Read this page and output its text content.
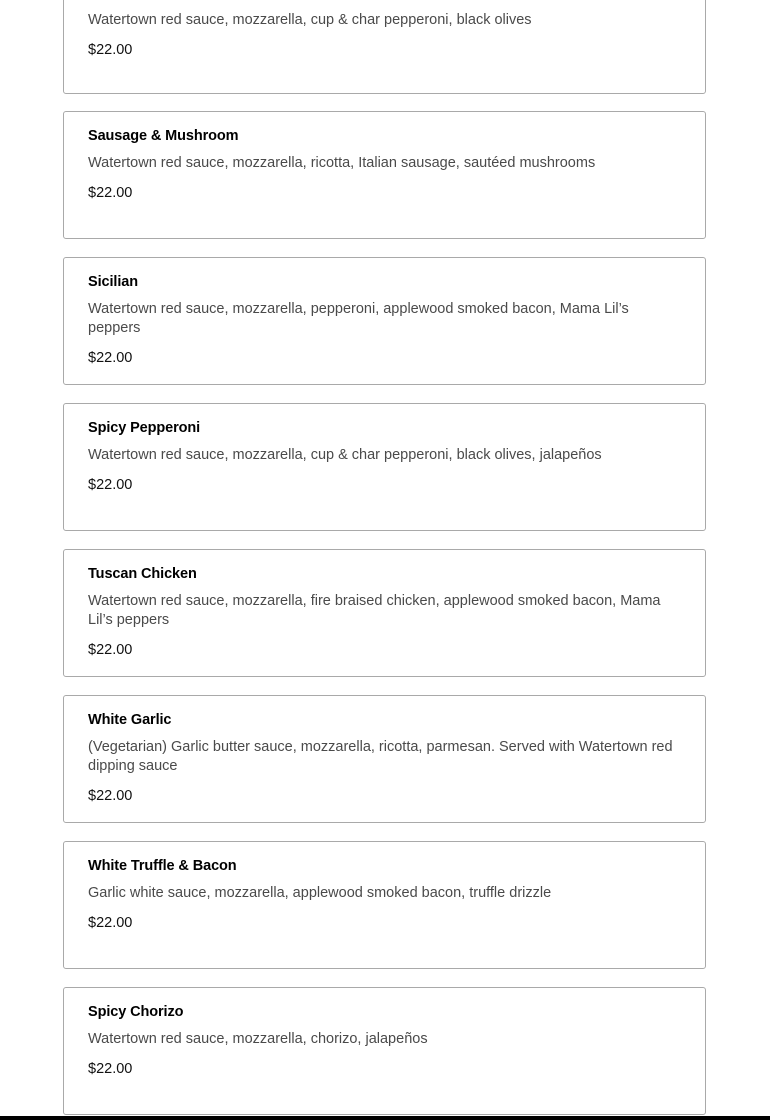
Watertown red sauce, mozzarella, cup & char pepperoni, black olives
$22.00
Sausage & Mushroom
Watertown red sauce, mozzarella, ricotta, Italian sausage, sautéed mushrooms
$22.00
Sicilian
Watertown red sauce, mozzarella, pepperoni, applewood smoked bacon, Mama Lil’s peppers
$22.00
Spicy Pepperoni
Watertown red sauce, mozzarella, cup & char pepperoni, black olives, jalapeños
$22.00
Tuscan Chicken
Watertown red sauce, mozzarella, fire braised chicken, applewood smoked bacon, Mama Lil’s peppers
$22.00
White Garlic
(Vegetarian) Garlic butter sauce, mozzarella, ricotta, parmesan. Served with Watertown red dipping sauce
$22.00
White Truffle & Bacon
Garlic white sauce, mozzarella, applewood smoked bacon, truffle drizzle
$22.00
Spicy Chorizo
Watertown red sauce, mozzarella, chorizo, jalapeños
$22.00
